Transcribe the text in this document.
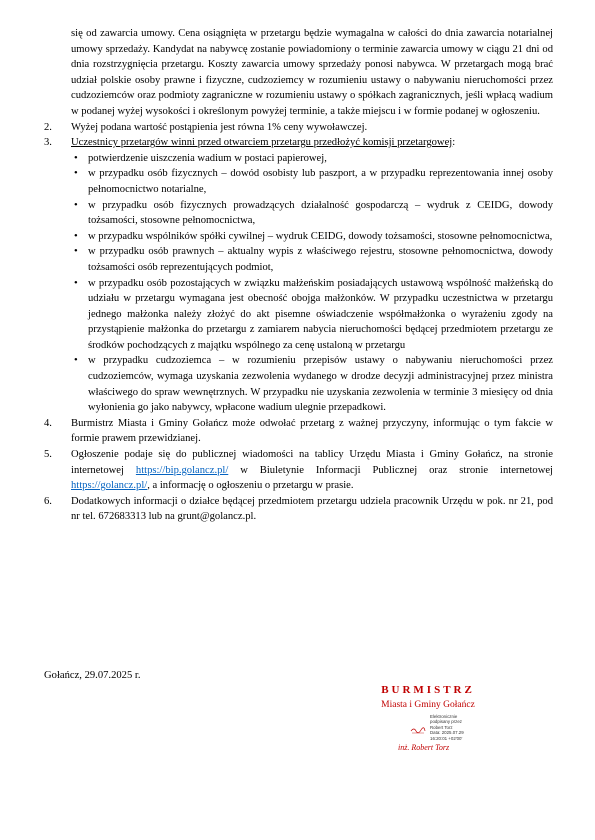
się od zawarcia umowy. Cena osiągnięta w przetargu będzie wymagalna w całości do dnia zawarcia notarialnej umowy sprzedaży. Kandydat na nabywcę zostanie powiadomiony o terminie zawarcia umowy w ciągu 21 dni od dnia rozstrzygnięcia przetargu. Koszty zawarcia umowy sprzedaży ponosi nabywca. W przetargach mogą brać udział polskie osoby prawne i fizyczne, cudzoziemcy w rozumieniu ustawy o nabywaniu nieruchomości przez cudzoziemców oraz podmioty zagraniczne w rozumieniu ustawy o spółkach zagranicznych, jeśli wpłacą wadium w podanej wyżej wysokości i określonym powyżej terminie, a także miejscu i w formie podanej w ogłoszeniu.
2.	Wyżej podana wartość postąpienia jest równa 1% ceny wywoławczej.
3.	Uczestnicy przetargów winni przed otwarciem przetargu przedłożyć komisji przetargowej:
• potwierdzenie uiszczenia wadium w postaci papierowej,
• w przypadku osób fizycznych – dowód osobisty lub paszport, a w przypadku reprezentowania innej osoby pełnomocnictwo notarialne,
• w przypadku osób fizycznych prowadzących działalność gospodarczą – wydruk z CEIDG, dowody tożsamości, stosowne pełnomocnictwa,
• w przypadku wspólników spółki cywilnej – wydruk CEIDG, dowody tożsamości, stosowne pełnomocnictwa,
• w przypadku osób prawnych – aktualny wypis z właściwego rejestru, stosowne pełnomocnictwa, dowody tożsamości osób reprezentujących podmiot,
• w przypadku osób pozostających w związku małżeńskim posiadających ustawową wspólność małżeńską do udziału w przetargu wymagana jest obecność obojga małżonków. W przypadku uczestnictwa w przetargu jednego małżonka należy złożyć do akt pisemne oświadczenie współmałżonka o wyrażeniu zgody na przystąpienie małżonka do przetargu z zamiarem nabycia nieruchomości będącej przedmiotem przetargu ze środków pochodzących z majątku wspólnego za cenę ustaloną w przetargu
• w przypadku cudzoziemca – w rozumieniu przepisów ustawy o nabywaniu nieruchomości przez cudzoziemców, wymaga uzyskania zezwolenia wydanego w drodze decyzji administracyjnej przez ministra właściwego do spraw wewnętrznych. W przypadku nie uzyskania zezwolenia w terminie 3 miesięcy od dnia wyłonienia go jako nabywcy, wpłacone wadium ulegnie przepadkowi.
4.	Burmistrz Miasta i Gminy Gołańcz może odwołać przetarg z ważnej przyczyny, informując o tym fakcie w formie prawem przewidzianej.
5.	Ogłoszenie podaje się do publicznej wiadomości na tablicy Urzędu Miasta i Gminy Gołańcz, na stronie internetowej https://bip.golancz.pl/ w Biuletynie Informacji Publicznej oraz stronie internetowej https://golancz.pl/, a informację o ogłoszeniu o przetargu w prasie.
6.	Dodatkowych informacji o działce będącej przedmiotem przetargu udziela pracownik Urzędu w pok. nr 21, pod nr tel. 672683313 lub na grunt@golancz.pl.
Gołańcz, 29.07.2025 r.
BURMISTRZ
Miasta i Gminy Gołańcz
Elektronicznie
podpisany przez
Robert Torz
Data: 2025.07.29
16:20:01 +02'00'
inż. Robert Torz
